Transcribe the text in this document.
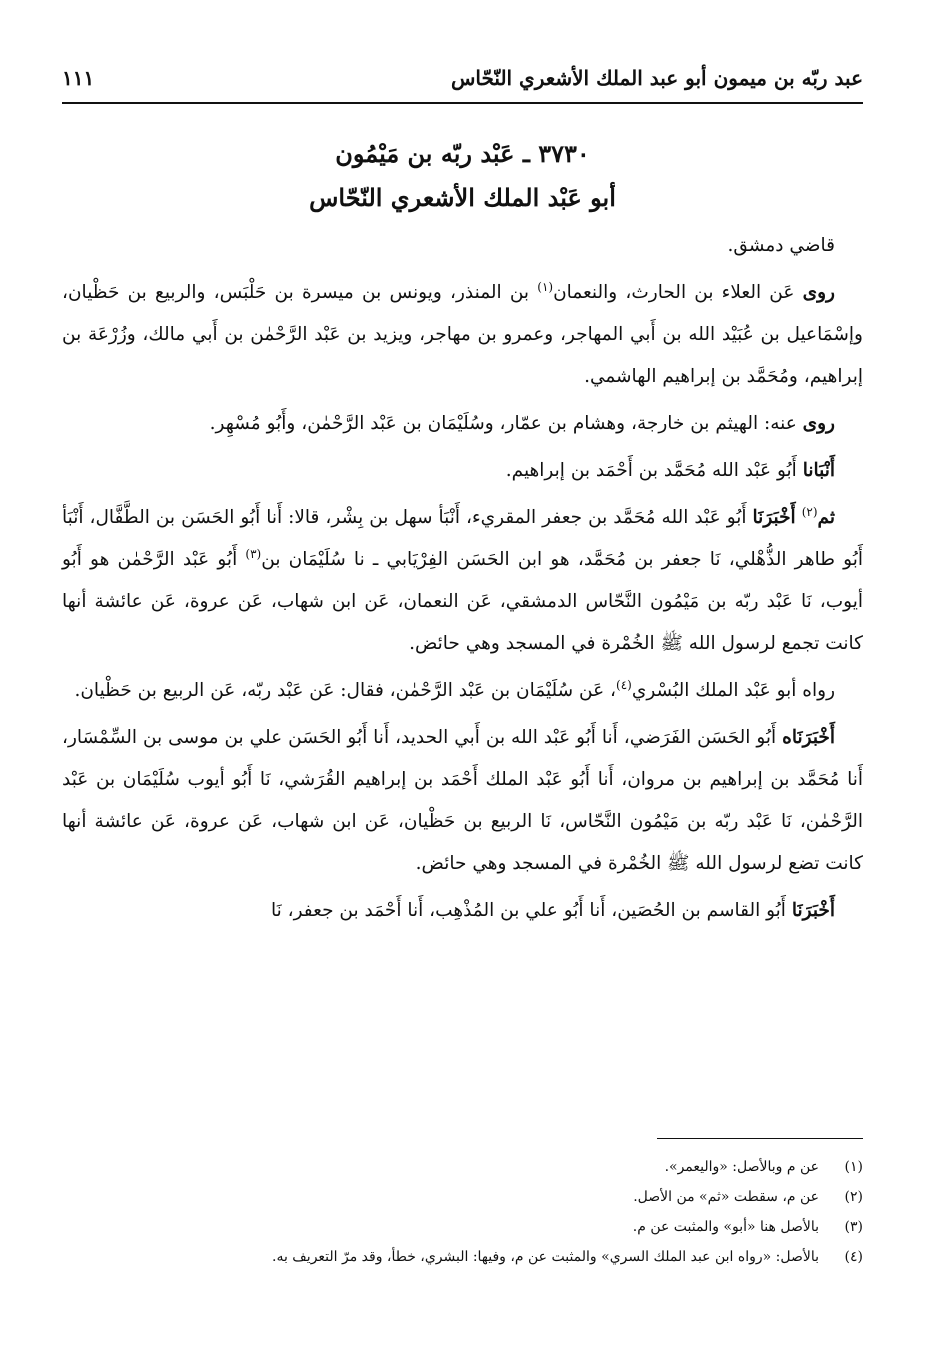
عبد ربّه بن ميمون أبو عبد الملك الأشعري النّحّاس
١١١
٣٧٣٠ ـ عَبْد ربّه بن مَيْمُون
أبو عَبْد الملك الأشعري النّحّاس

قاضي دمشق.

روى عَن العلاء بن الحارث، والنعمان$^{(١)}$ بن المنذر، ويونس بن ميسرة بن حَلْبَس، والربيع بن حَظْيان، وإسْمَاعيل بن عُبَيْد الله بن أَبي المهاجر، وعمرو بن مهاجر، ويزيد بن عَبْد الرَّحْمٰن بن أَبي مالك، وزُرْعَة بن إبراهيم، ومُحَمَّد بن إبراهيم الهاشمي.

روى عنه: الهيثم بن خارجة، وهشام بن عمّار، وسُلَيْمَان بن عَبْد الرَّحْمٰن، وأَبُو مُسْهِر.

أَنْبَانا أَبُو عَبْد الله مُحَمَّد بن أَحْمَد بن إبراهيم.

ثم$^{(٢)}$ أَخْبَرَنَا أَبُو عَبْد الله مُحَمَّد بن جعفر المقريء، أَنْبَأ سهل بن بِشْر، قالا: أَنا أَبُو الحَسَن بن الطَّفَّال، أَنْبَأ أَبُو طاهر الذُّهْلي، نَا جعفر بن مُحَمَّد، هو ابن الحَسَن الفِرْيَابي ـ نا سُلَيْمَان بن$^{(٣)}$ أَبُو عَبْد الرَّحْمٰن هو أَبُو أيوب، نَا عَبْد ربّه بن مَيْمُون النَّحّاس الدمشقي، عَن النعمان، عَن ابن شهاب، عَن عروة، عَن عائشة أنها كانت تجمع لرسول الله ﷺ الخُمْرة في المسجد وهي حائض.

رواه أبو عَبْد الملك البُسْري$^{(٤)}$، عَن سُلَيْمَان بن عَبْد الرَّحْمٰن، فقال: عَن عَبْد ربّه، عَن الربيع بن حَظْيان.

أَخْبَرَنَاه أَبُو الحَسَن الفَرَضي، أَنا أَبُو عَبْد الله بن أَبي الحديد، أَنا أَبُو الحَسَن علي بن موسى بن السِّمْسَار، أَنا مُحَمَّد بن إبراهيم بن مروان، أَنا أَبُو عَبْد الملك أَحْمَد بن إبراهيم القُرَشي، نَا أَبُو أيوب سُلَيْمَان بن عَبْد الرَّحْمٰن، نَا عَبْد ربّه بن مَيْمُون النَّحّاس، نَا الربيع بن حَظْيان، عَن ابن شهاب، عَن عروة، عَن عائشة أنها كانت تضع لرسول الله ﷺ الخُمْرة في المسجد وهي حائض.

أَخْبَرَنَا أَبُو القاسم بن الحُصَين، أَنا أَبُو علي بن المُذْهِب، أَنا أَحْمَد بن جعفر، نَا

(١)
عن م وبالأصل: «واليعمر».
(٢)
عن م، سقطت «ثم» من الأصل.
(٣)
بالأصل هنا «أبو» والمثبت عن م.
(٤)
بالأصل: «رواه ابن عبد الملك السري» والمثبت عن م، وفيها: البشري، خطأ، وقد مرّ التعريف به.
